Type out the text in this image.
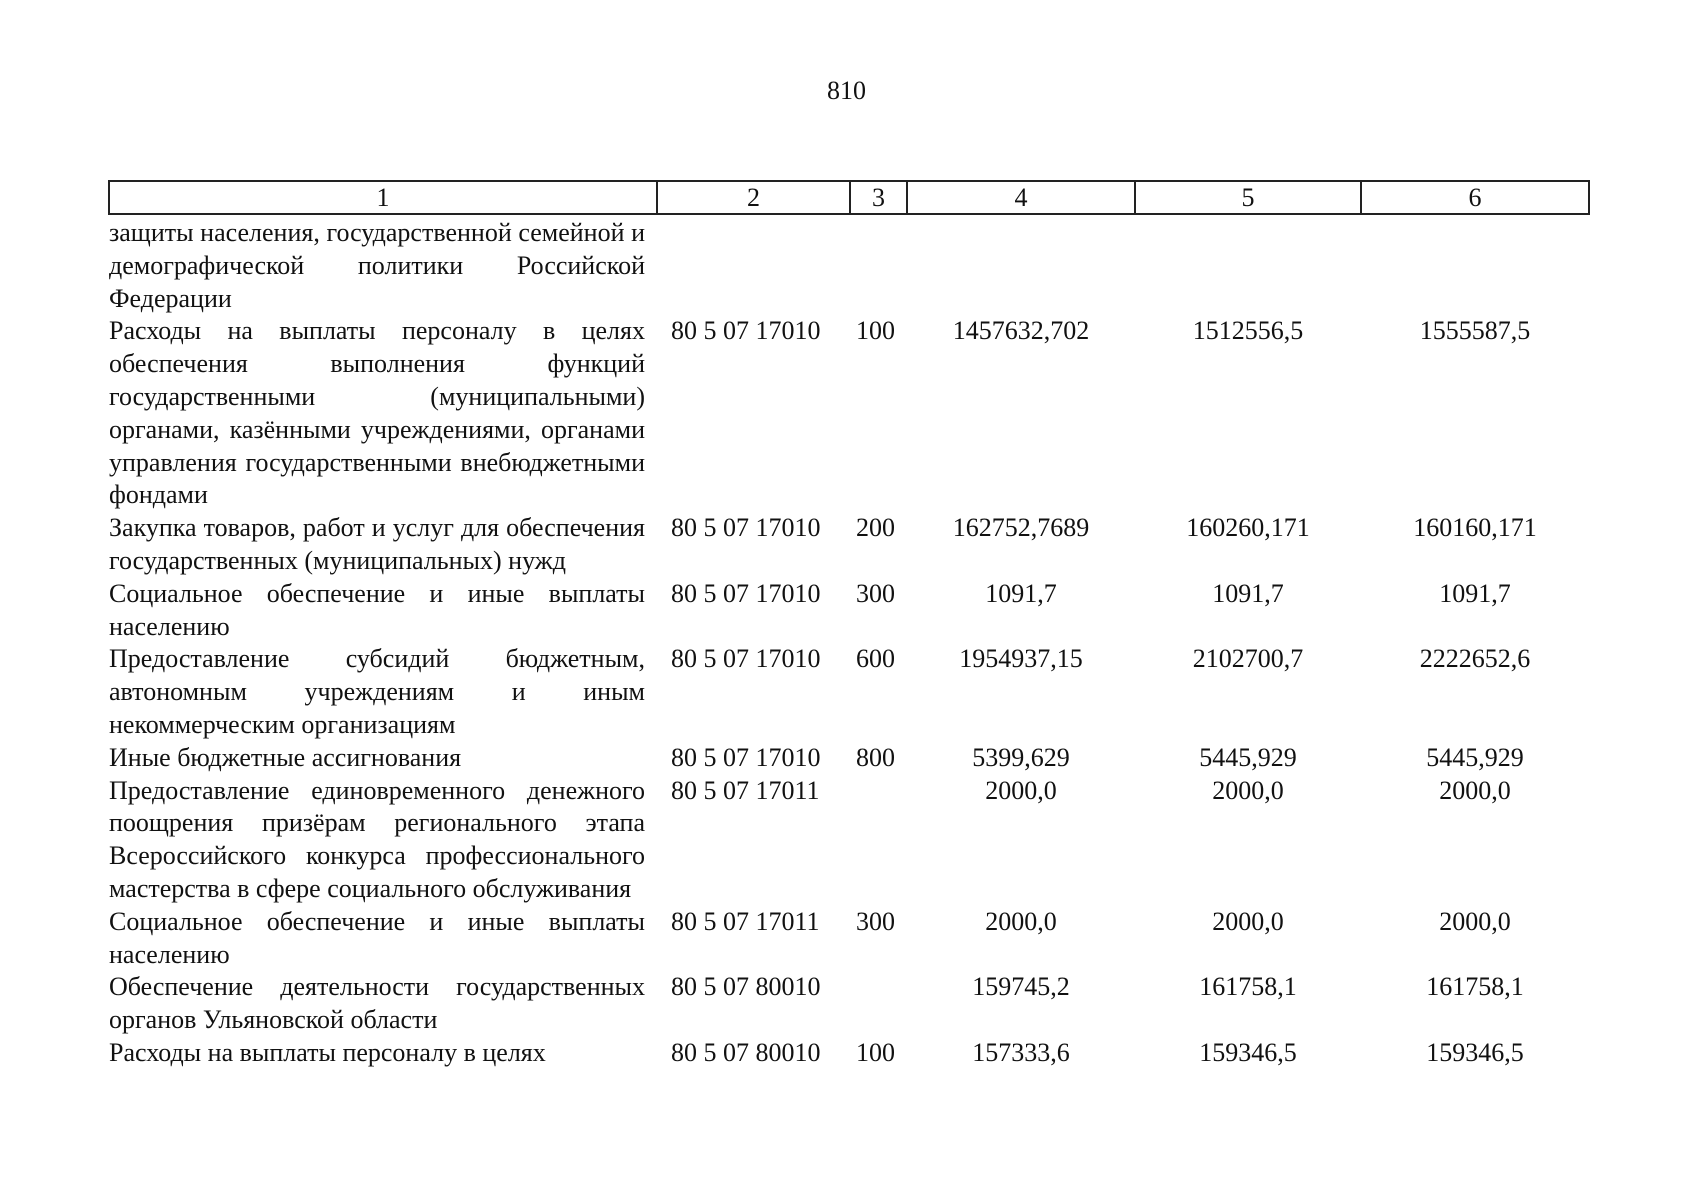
810
1	2	3	4	5	6
защиты населения, государственной семейной и демографической политики Российской Федерации					
Расходы на выплаты персоналу в целях обеспечения выполнения функций государственными (муниципальными) органами, казёнными учреждениями, органами управления государственными внебюджетными фондами	80 5 07 17010	100	1457632,702	1512556,5	1555587,5
Закупка товаров, работ и услуг для обеспечения государственных (муниципальных) нужд	80 5 07 17010	200	162752,7689	160260,171	160160,171
Социальное обеспечение и иные выплаты населению	80 5 07 17010	300	1091,7	1091,7	1091,7
Предоставление субсидий бюджетным, автономным учреждениям и иным некоммерческим организациям	80 5 07 17010	600	1954937,15	2102700,7	2222652,6
Иные бюджетные ассигнования	80 5 07 17010	800	5399,629	5445,929	5445,929
Предоставление единовременного денежного поощрения призёрам регионального этапа Всероссийского конкурса профессионального мастерства в сфере социального обслуживания	80 5 07 17011		2000,0	2000,0	2000,0
Социальное обеспечение и иные выплаты населению	80 5 07 17011	300	2000,0	2000,0	2000,0
Обеспечение деятельности государственных органов Ульяновской области	80 5 07 80010		159745,2	161758,1	161758,1
Расходы на выплаты персоналу в целях	80 5 07 80010	100	157333,6	159346,5	159346,5
